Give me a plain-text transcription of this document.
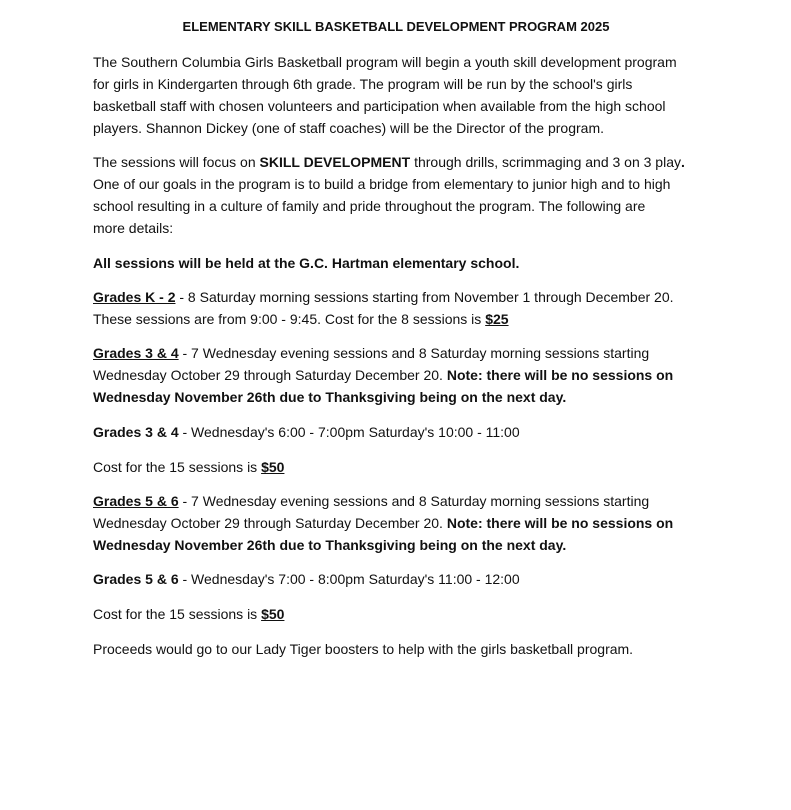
ELEMENTARY SKILL BASKETBALL DEVELOPMENT PROGRAM 2025
The Southern Columbia Girls Basketball program will begin a youth skill development program
for girls in Kindergarten through 6th grade. The program will be run by the school's girls
basketball staff with chosen volunteers and participation when available from the high school
players. Shannon Dickey (one of staff coaches) will be the Director of the program.
The sessions will focus on SKILL DEVELOPMENT through drills, scrimmaging and 3 on 3 play.
One of our goals in the program is to build a bridge from elementary to junior high and to high
school resulting in a culture of family and pride throughout the program. The following are
more details:
All sessions will be held at the G.C. Hartman elementary school.
Grades K - 2 - 8 Saturday morning sessions starting from November 1 through December 20.
These sessions are from 9:00 - 9:45. Cost for the 8 sessions is $25
Grades 3 & 4 - 7 Wednesday evening sessions and 8 Saturday morning sessions starting
Wednesday October 29 through Saturday December 20. Note: there will be no sessions on
Wednesday November 26th due to Thanksgiving being on the next day.
Grades 3 & 4 - Wednesday's 6:00 - 7:00pm Saturday's 10:00 - 11:00
Cost for the 15 sessions is $50
Grades 5 & 6 - 7 Wednesday evening sessions and 8 Saturday morning sessions starting
Wednesday October 29 through Saturday December 20. Note: there will be no sessions on
Wednesday November 26th due to Thanksgiving being on the next day.
Grades 5 & 6 - Wednesday's 7:00 - 8:00pm Saturday's 11:00 - 12:00
Cost for the 15 sessions is $50
Proceeds would go to our Lady Tiger boosters to help with the girls basketball program.
